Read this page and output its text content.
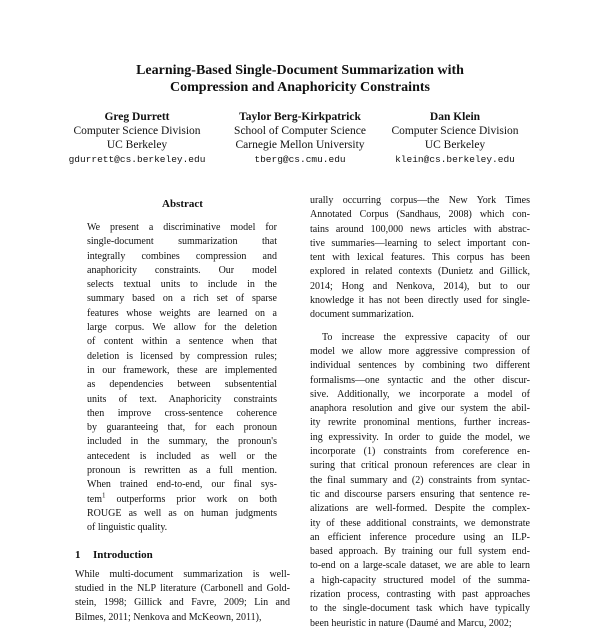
Learning-Based Single-Document Summarization with
Compression and Anaphoricity Constraints
Greg Durrett
Computer Science Division
UC Berkeley
gdurrett@cs.berkeley.edu
Taylor Berg-Kirkpatrick
School of Computer Science
Carnegie Mellon University
tberg@cs.cmu.edu
Dan Klein
Computer Science Division
UC Berkeley
klein@cs.berkeley.edu
Abstract
We present a discriminative model for
single-document summarization that
integrally combines compression and
anaphoricity constraints. Our model
selects textual units to include in the
summary based on a rich set of sparse
features whose weights are learned on a
large corpus. We allow for the deletion
of content within a sentence when that
deletion is licensed by compression rules;
in our framework, these are implemented
as dependencies between subsentential
units of text. Anaphoricity constraints
then improve cross-sentence coherence
by guaranteeing that, for each pronoun
included in the summary, the pronoun's
antecedent is included as well or the
pronoun is rewritten as a full mention.
When trained end-to-end, our final sys-
tem$^1$ outperforms prior work on both
ROUGE as well as on human judgments
of linguistic quality.
1 Introduction
While multi-document summarization is well-
studied in the NLP literature (Carbonell and Gold-
stein, 1998; Gillick and Favre, 2009; Lin and
Bilmes, 2011; Nenkova and McKeown, 2011),
urally occurring corpus—the New York Times
Annotated Corpus (Sandhaus, 2008) which con-
tains around 100,000 news articles with abstrac-
tive summaries—learning to select important con-
tent with lexical features. This corpus has been
explored in related contexts (Dunietz and Gillick,
2014; Hong and Nenkova, 2014), but to our
knowledge it has not been directly used for single-
document summarization.
To increase the expressive capacity of our
model we allow more aggressive compression of
individual sentences by combining two different
formalisms—one syntactic and the other discur-
sive. Additionally, we incorporate a model of
anaphora resolution and give our system the abil-
ity rewrite pronominal mentions, further increas-
ing expressivity. In order to guide the model, we
incorporate (1) constraints from coreference en-
suring that critical pronoun references are clear in
the final summary and (2) constraints from syntac-
tic and discourse parsers ensuring that sentence re-
alizations are well-formed. Despite the complex-
ity of these additional constraints, we demonstrate
an efficient inference procedure using an ILP-
based approach. By training our full system end-
to-end on a large-scale dataset, we are able to learn
a high-capacity structured model of the summa-
rization process, contrasting with past approaches
to the single-document task which have typically
been heuristic in nature (Daumé and Marcu, 2002;
